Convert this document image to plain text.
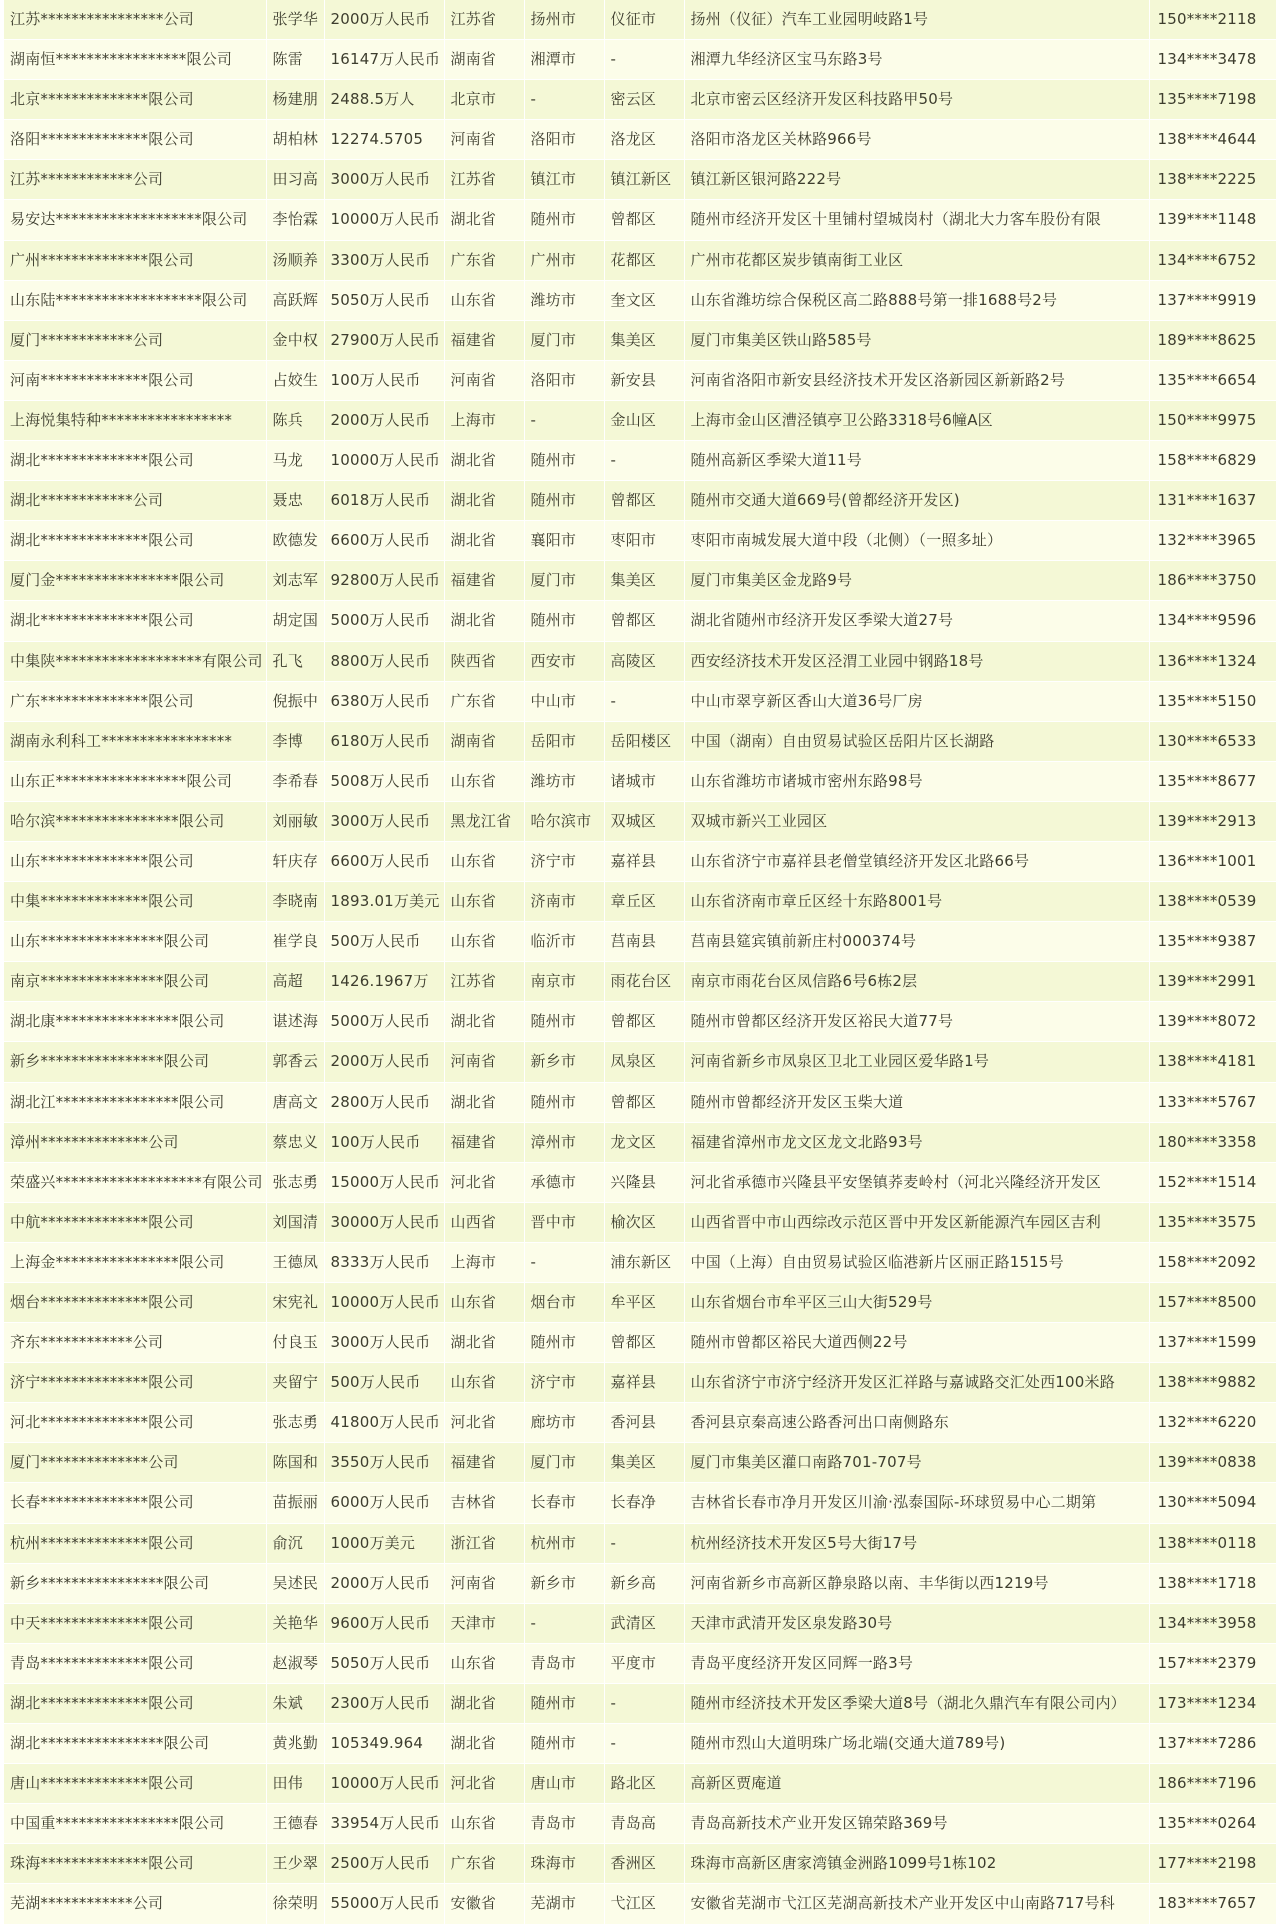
江苏****************公司	张学华	2000万人民币	江苏省	扬州市	仪征市	扬州（仪征）汽车工业园明岐路1号	150****2118
湖南恒*****************限公司	陈雷	16147万人民币	湖南省	湘潭市	-	湘潭九华经济区宝马东路3号	134****3478
北京**************限公司	杨建朋	2488.5万人	北京市	-	密云区	北京市密云区经济开发区科技路甲50号	135****7198
洛阳**************限公司	胡柏林	12274.5705	河南省	洛阳市	洛龙区	洛阳市洛龙区关林路966号	138****4644
江苏************公司	田习高	3000万人民币	江苏省	镇江市	镇江新区	镇江新区银河路222号	138****2225
易安达*******************限公司	李怡霖	10000万人民币	湖北省	随州市	曾都区	随州市经济开发区十里铺村望城岗村（湖北大力客车股份有限	139****1148
广州**************限公司	汤顺养	3300万人民币	广东省	广州市	花都区	广州市花都区炭步镇南街工业区	134****6752
山东陆*******************限公司	高跃辉	5050万人民币	山东省	潍坊市	奎文区	山东省潍坊综合保税区高二路888号第一排1688号2号	137****9919
厦门************公司	金中权	27900万人民币	福建省	厦门市	集美区	厦门市集美区铁山路585号	189****8625
河南**************限公司	占姣生	100万人民币	河南省	洛阳市	新安县	河南省洛阳市新安县经济技术开发区洛新园区新新路2号	135****6654
上海悦集特种*****************	陈兵	2000万人民币	上海市	-	金山区	上海市金山区漕泾镇亭卫公路3318号6幢A区	150****9975
湖北**************限公司	马龙	10000万人民币	湖北省	随州市	-	随州高新区季梁大道11号	158****6829
湖北************公司	聂忠	6018万人民币	湖北省	随州市	曾都区	随州市交通大道669号(曾都经济开发区)	131****1637
湖北**************限公司	欧德发	6600万人民币	湖北省	襄阳市	枣阳市	枣阳市南城发展大道中段（北侧）（一照多址）	132****3965
厦门金****************限公司	刘志军	92800万人民币	福建省	厦门市	集美区	厦门市集美区金龙路9号	186****3750
湖北**************限公司	胡定国	5000万人民币	湖北省	随州市	曾都区	湖北省随州市经济开发区季梁大道27号	134****9596
中集陕*******************有限公司	孔飞	8800万人民币	陕西省	西安市	高陵区	西安经济技术开发区泾渭工业园中钢路18号	136****1324
广东**************限公司	倪振中	6380万人民币	广东省	中山市	-	中山市翠亨新区香山大道36号厂房	135****5150
湖南永利科工*****************	李博	6180万人民币	湖南省	岳阳市	岳阳楼区	中国（湖南）自由贸易试验区岳阳片区长湖路	130****6533
山东正*****************限公司	李希春	5008万人民币	山东省	潍坊市	诸城市	山东省潍坊市诸城市密州东路98号	135****8677
哈尔滨****************限公司	刘丽敏	3000万人民币	黑龙江省	哈尔滨市	双城区	双城市新兴工业园区	139****2913
山东**************限公司	轩庆存	6600万人民币	山东省	济宁市	嘉祥县	山东省济宁市嘉祥县老僧堂镇经济开发区北路66号	136****1001
中集**************限公司	李晓南	1893.01万美元	山东省	济南市	章丘区	山东省济南市章丘区经十东路8001号	138****0539
山东****************限公司	崔学良	500万人民币	山东省	临沂市	莒南县	莒南县筵宾镇前新庄村000374号	135****9387
南京****************限公司	高超	1426.1967万	江苏省	南京市	雨花台区	南京市雨花台区凤信路6号6栋2层	139****2991
湖北康****************限公司	谌述海	5000万人民币	湖北省	随州市	曾都区	随州市曾都区经济开发区裕民大道77号	139****8072
新乡****************限公司	郭香云	2000万人民币	河南省	新乡市	凤泉区	河南省新乡市凤泉区卫北工业园区爱华路1号	138****4181
湖北江****************限公司	唐高文	2800万人民币	湖北省	随州市	曾都区	随州市曾都经济开发区玉柴大道	133****5767
漳州**************公司	蔡忠义	100万人民币	福建省	漳州市	龙文区	福建省漳州市龙文区龙文北路93号	180****3358
荣盛兴*******************有限公司	张志勇	15000万人民币	河北省	承德市	兴隆县	河北省承德市兴隆县平安堡镇荞麦岭村（河北兴隆经济开发区	152****1514
中航**************限公司	刘国清	30000万人民币	山西省	晋中市	榆次区	山西省晋中市山西综改示范区晋中开发区新能源汽车园区吉利	135****3575
上海金****************限公司	王德凤	8333万人民币	上海市	-	浦东新区	中国（上海）自由贸易试验区临港新片区丽正路1515号	158****2092
烟台**************限公司	宋宪礼	10000万人民币	山东省	烟台市	牟平区	山东省烟台市牟平区三山大街529号	157****8500
齐东************公司	付良玉	3000万人民币	湖北省	随州市	曾都区	随州市曾都区裕民大道西侧22号	137****1599
济宁**************限公司	夹留宁	500万人民币	山东省	济宁市	嘉祥县	山东省济宁市济宁经济开发区汇祥路与嘉诚路交汇处西100米路	138****9882
河北**************限公司	张志勇	41800万人民币	河北省	廊坊市	香河县	香河县京秦高速公路香河出口南侧路东	132****6220
厦门**************公司	陈国和	3550万人民币	福建省	厦门市	集美区	厦门市集美区灌口南路701-707号	139****0838
长春**************限公司	苗振丽	6000万人民币	吉林省	长春市	长春净	吉林省长春市净月开发区川渝·泓泰国际-环球贸易中心二期第	130****5094
杭州**************限公司	俞沉	1000万美元	浙江省	杭州市	-	杭州经济技术开发区5号大街17号	138****0118
新乡****************限公司	吴述民	2000万人民币	河南省	新乡市	新乡高	河南省新乡市高新区静泉路以南、丰华街以西1219号	138****1718
中天**************限公司	关艳华	9600万人民币	天津市	-	武清区	天津市武清开发区泉发路30号	134****3958
青岛**************限公司	赵淑琴	5050万人民币	山东省	青岛市	平度市	青岛平度经济开发区同辉一路3号	157****2379
湖北**************限公司	朱斌	2300万人民币	湖北省	随州市	-	随州市经济技术开发区季梁大道8号（湖北久鼎汽车有限公司内）	173****1234
湖北****************限公司	黄兆勤	105349.964	湖北省	随州市	-	随州市烈山大道明珠广场北端(交通大道789号)	137****7286
唐山**************限公司	田伟	10000万人民币	河北省	唐山市	路北区	高新区贾庵道	186****7196
中国重****************限公司	王德春	33954万人民币	山东省	青岛市	青岛高	青岛高新技术产业开发区锦荣路369号	135****0264
珠海**************限公司	王少翠	2500万人民币	广东省	珠海市	香洲区	珠海市高新区唐家湾镇金洲路1099号1栋102	177****2198
芜湖************公司	徐荣明	55000万人民币	安徽省	芜湖市	弋江区	安徽省芜湖市弋江区芜湖高新技术产业开发区中山南路717号科	183****7657
